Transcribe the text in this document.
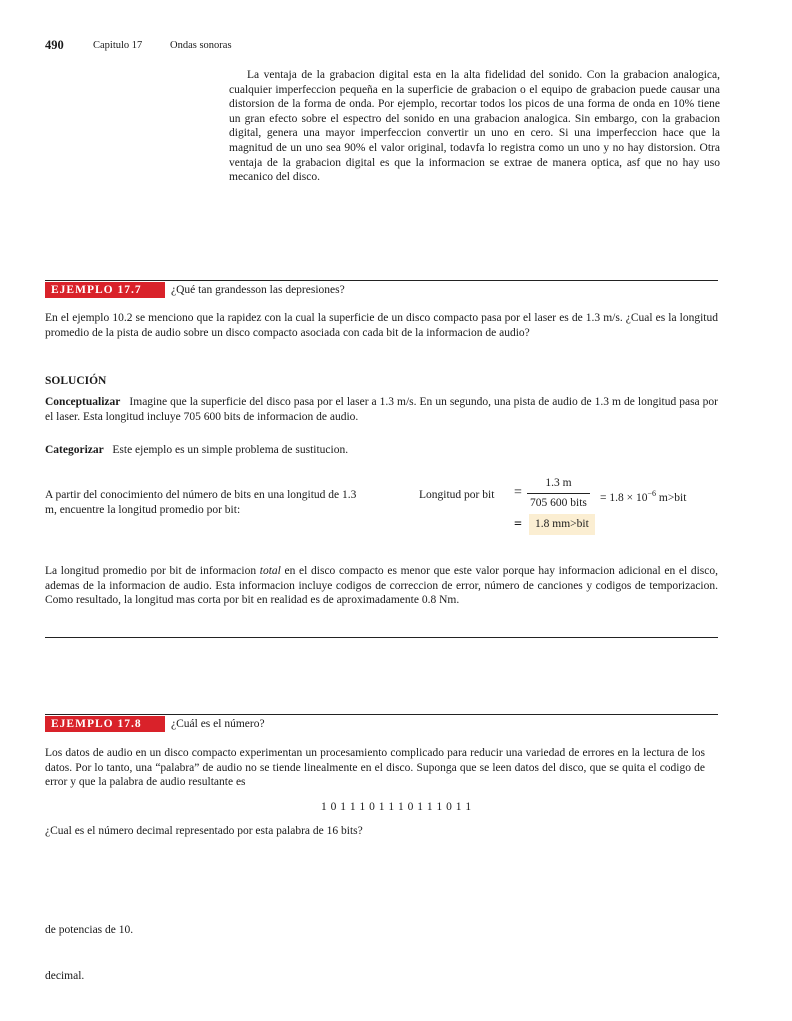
490	Capitulo 17	Ondas sonoras
La ventaja de la grabacion digital esta en la alta fidelidad del sonido. Con la grabacion analogica, cualquier imperfeccion pequeña en la superficie de grabacion o el equipo de grabacion puede causar una distorsion de la forma de onda. Por ejemplo, recortar todos los picos de una forma de onda en 10% tiene un gran efecto sobre el espectro del sonido en una grabacion analogica. Sin embargo, con la grabacion digital, genera una mayor imperfeccion convertir un uno en cero. Si una imperfeccion hace que la magnitud de un uno sea 90% el valor original, todavfa lo registra como un uno y no hay distorsion. Otra ventaja de la grabacion digital es que la informacion se extrae de manera optica, asf que no hay uso mecanico del disco.
EJEMPLO 17.7	¿Qué tan grandesson las depresiones?
En el ejemplo 10.2 se menciono que la rapidez con la cual la superficie de un disco compacto pasa por el laser es de 1.3 m/s. ¿Cual es la longitud promedio de la pista de audio sobre un disco compacto asociada con cada bit de la informacion de audio?
SOLUCIÓN
Conceptualizar Imagine que la superficie del disco pasa por el laser a 1.3 m/s. En un segundo, una pista de audio de 1.3 m de longitud pasa por el laser. Esta longitud incluye 705 600 bits de informacion de audio.
Categorizar Este ejemplo es un simple problema de sustitucion.
A partir del conocimiento del número de bits en una longitud de 1.3 m, encuentre la longitud promedio por bit:
Longitud por bit = $\frac{1.3 m}{\text{705 600 bits}} = 1.8 \times 10^{-6}$ m>bit
=	1.8 mm>bit
La longitud promedio por bit de informacion total en el disco compacto es menor que este valor porque hay informacion adicional en el disco, ademas de la informacion de audio. Esta informacion incluye codigos de correccion de error, número de canciones y codigos de temporizacion. Como resultado, la longitud mas corta por bit en realidad es de aproximadamente 0.8 Nm.
EJEMPLO 17.8	¿Cuál es el número?
Los datos de audio en un disco compacto experimentan un procesamiento complicado para reducir una variedad de errores en la lectura de los datos. Por lo tanto, una “palabra” de audio no se tiende linealmente en el disco. Suponga que se leen datos del disco, que se quita el codigo de error y que la palabra de audio resultante es
1 0 1 1 1 0 1 1 1 0 1 1 1 0 1 1
¿Cual es el número decimal representado por esta palabra de 16 bits?
de potencias de 10.
decimal.
